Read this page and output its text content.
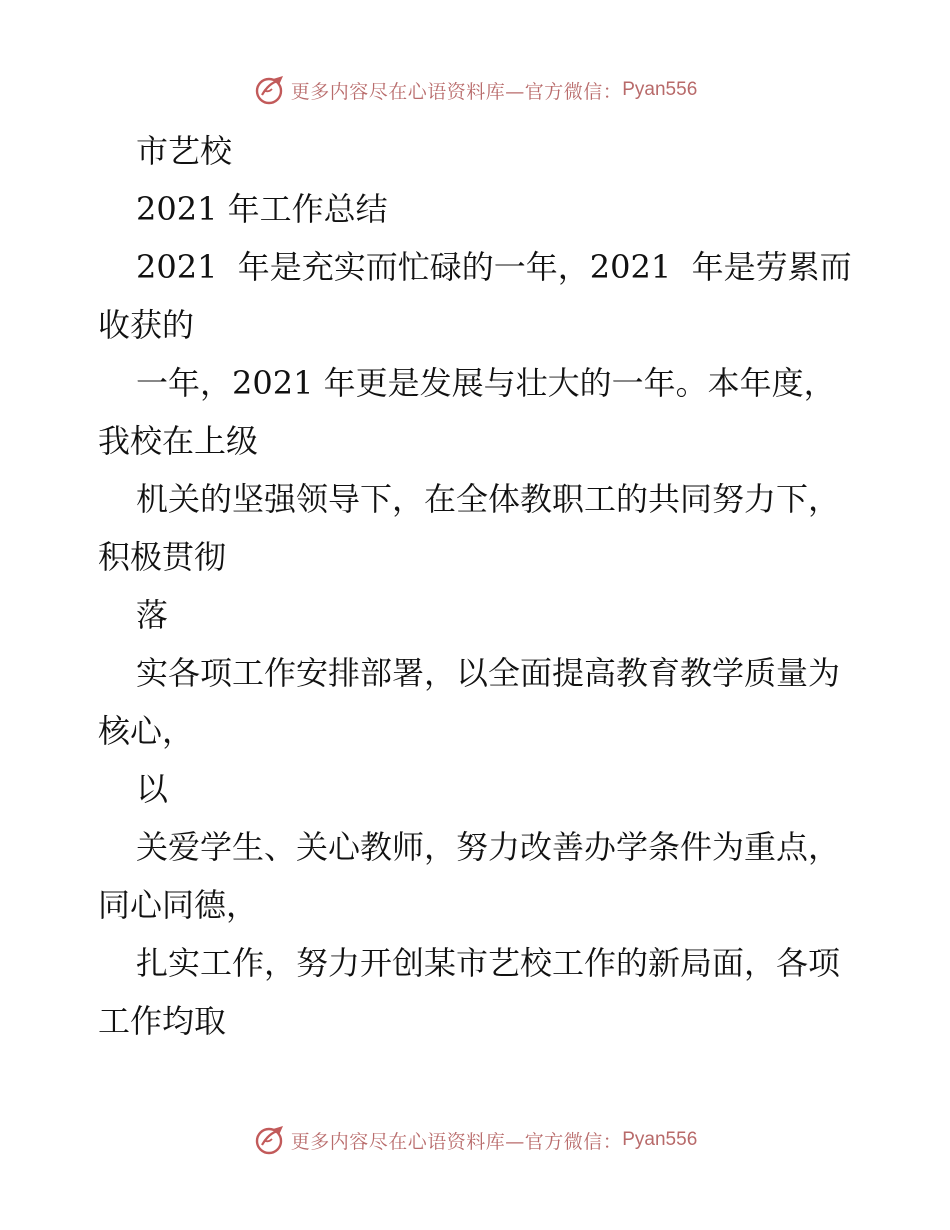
更多内容尽在心语资料库—官方微信： Pyan556

市艺校

2021 年工作总结

2021  年是充实而忙碌的一年，2021  年是劳累而收获的

一年，2021 年更是发展与壮大的一年。本年度，我校在上级

机关的坚强领导下，在全体教职工的共同努力下，积极贯彻

落

实各项工作安排部署，以全面提高教育教学质量为核心，

以

关爱学生、关心教师，努力改善办学条件为重点，同心同德，

扎实工作，努力开创某市艺校工作的新局面，各项工作均取

更多内容尽在心语资料库—官方微信： Pyan556
